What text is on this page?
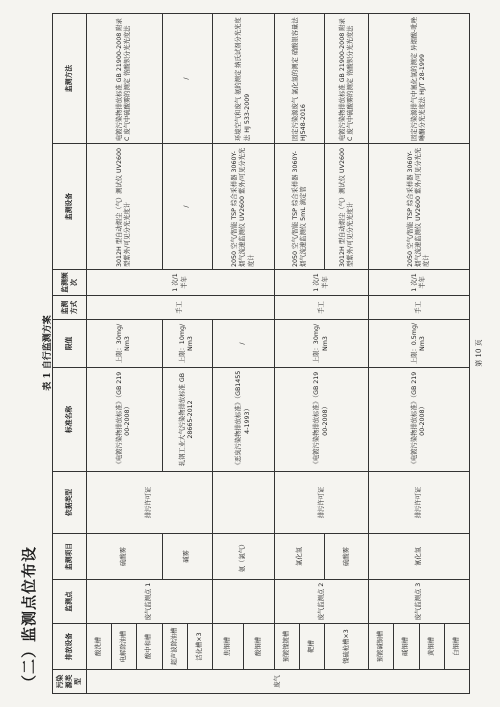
（二）监测点位布设
表 1 自行监测方案
污染源类型	排放设备	监测点	监测项目	依据类型	标准名称	限值	监测方式	监测频次	监测设备	监测方法
废气	酸洗槽	废气监测点 1	硫酸雾	排污许可证	《电镀污染物排放标准》（GB 21900-2008）	上限：30mg/Nm3	手工	1 次/1 半年	3012H 型自动烟尘（气）测试仪 UV2600 型紫外/可见分光光度计	电镀污染物排放标准 GB 21900-2008 附录 C 废气中硫酸雾的测定 铬酸钡分光光度法
	电解除油槽									
	酸中和槽									
	超声波除油槽		碱雾		轧钢工业大气污染物排放标准 GB 28665-2012	上限：10mg/Nm3			/	/
	活化槽×3									
	焦铜槽		氨（氯气）		《恶臭污染物排放标准》（GB14554-1993）	/			2050 空气/智能 TSP 综合采样器 3060Y-烟气流速监测仪 UV2600 紫外/可见分光光度计	环境空气和废气 氨的测定 纳氏试剂分光光度法 HJ 533-2009
	酸铜槽									
	预镀镍镀槽	废气监测点 2	氯化氢	排污许可证	《电镀污染物排放标准》（GB 21900-2008）	上限：30mg/Nm3	手工	1 次/1 半年	2050 空气/智能 TSP 综合采样器 3060Y-烟气流速监测仪 5mL 滴定管	固定污染源废气 氯化氢的测定 硝酸银容量法 HJ548-2016
	靶槽									
	镍硫枪槽×3		硫酸雾						3012H 型自动烟尘（气）测试仪 UV2600 型紫外/可见分光光度计	电镀污染物排放标准 GB 21900-2008 附录 C 废气中硫酸雾的测定 铬酸钡分光光度法
	预镀碱铜槽	废气监测点 3	氰化氢	排污许可证	《电镀污染物排放标准》（GB 21900-2008）	上限：0.5mg/Nm3	手工	1 次/1 半年	2050 空气/智能 TSP 综合采样器 3060Y-烟气流速监测仪 UV2600 紫外/可见分光光度计	固定污染源排气中氰化氢的测定 异烟酸-吡唑啉酮分光光度法 HJ/T 28-1999
	碱铜槽									
	黄铜槽									
	白铜槽									
第 10 页
